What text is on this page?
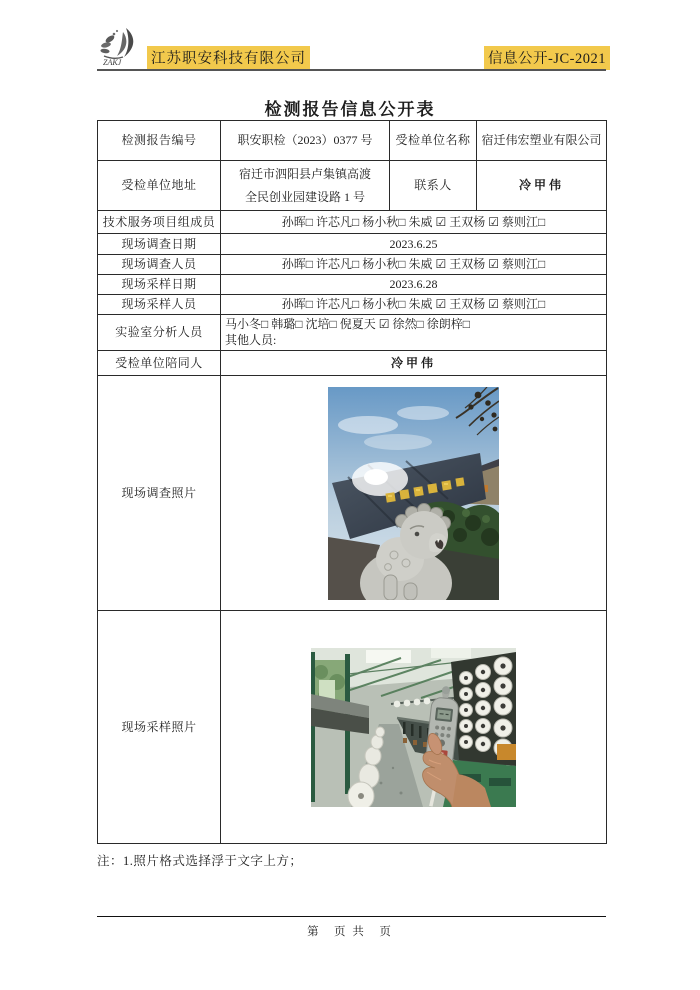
ZAKJ 江苏职安科技有限公司	信息公开-JC-2021
检测报告信息公开表
检测报告编号	职安职检（2023）0377 号	受检单位名称	宿迁伟宏塑业有限公司
受检单位地址	宿迁市泗阳县卢集镇高渡
全民创业园建设路 1 号	联系人	冷甲伟
技术服务项目组成员	孙晖□ 许芯凡□ 杨小秋□ 朱威 ☑ 王双杨 ☑ 蔡则江□		
现场调查日期	2023.6.25		
现场调查人员	孙晖□ 许芯凡□ 杨小秋□ 朱威 ☑ 王双杨 ☑ 蔡则江□		
现场采样日期	2023.6.28		
现场采样人员	孙晖□ 许芯凡□ 杨小秋□ 朱威 ☑ 王双杨 ☑ 蔡则江□		
实验室分析人员	马小冬□ 韩璐□ 沈培□ 倪夏天 ☑ 徐然□ 徐朗梓□
其他人员:		

受检单位陪同人	冷甲伟		
现场调查照片	

现场采样照片	
注：1.照片格式选择浮于文字上方；
第　页 共　页
